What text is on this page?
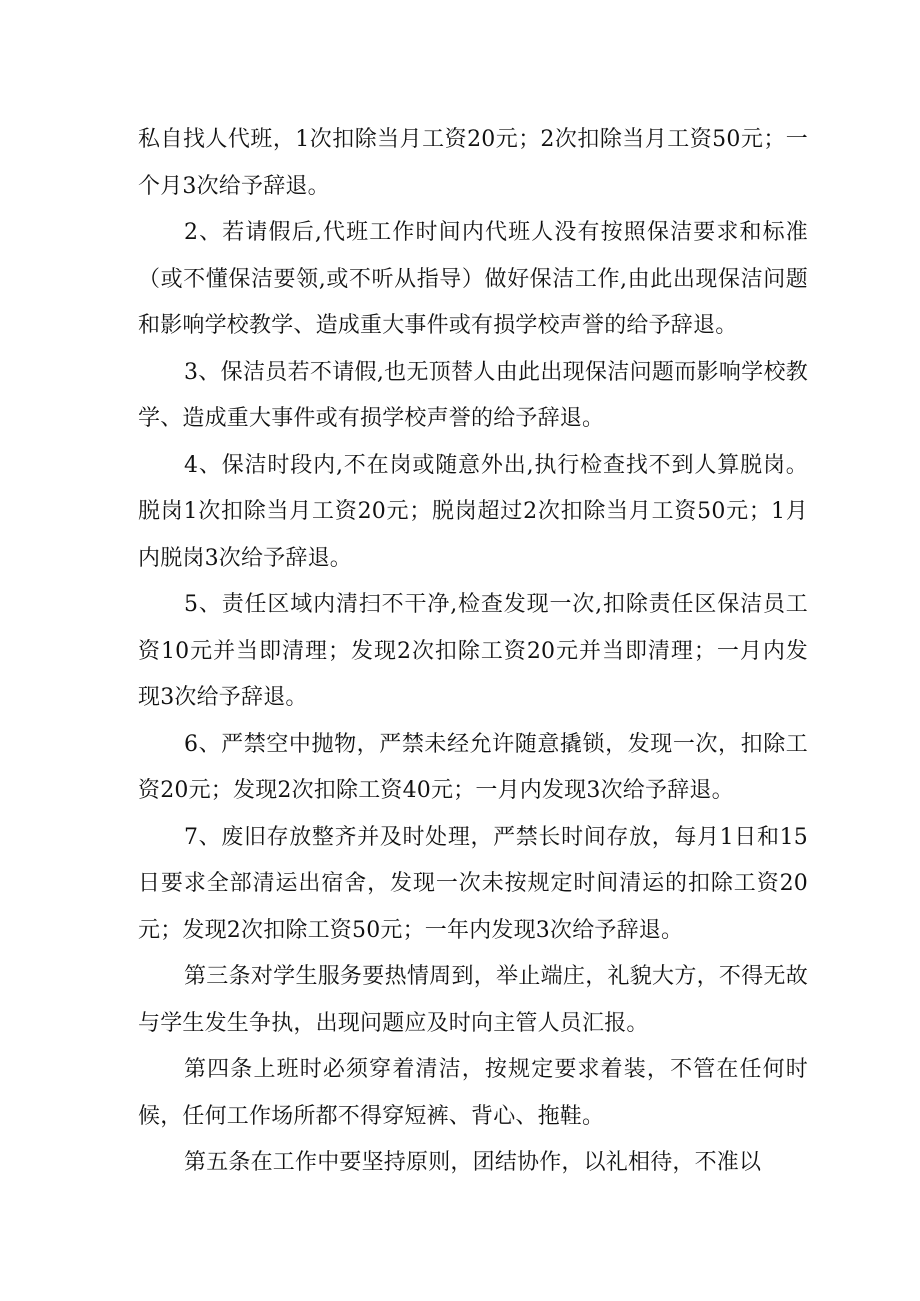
私自找人代班，1次扣除当月工资20元；2次扣除当月工资50元；一个月3次给予辞退。

2、若请假后,代班工作时间内代班人没有按照保洁要求和标准（或不懂保洁要领,或不听从指导）做好保洁工作,由此出现保洁问题和影响学校教学、造成重大事件或有损学校声誉的给予辞退。

3、保洁员若不请假,也无顶替人由此出现保洁问题而影响学校教学、造成重大事件或有损学校声誉的给予辞退。

4、保洁时段内,不在岗或随意外出,执行检查找不到人算脱岗。脱岗1次扣除当月工资20元；脱岗超过2次扣除当月工资50元；1月内脱岗3次给予辞退。

5、责任区域内清扫不干净,检查发现一次,扣除责任区保洁员工资10元并当即清理；发现2次扣除工资20元并当即清理；一月内发现3次给予辞退。

6、严禁空中抛物，严禁未经允许随意撬锁，发现一次，扣除工资20元；发现2次扣除工资40元；一月内发现3次给予辞退。

7、废旧存放整齐并及时处理，严禁长时间存放，每月1日和15日要求全部清运出宿舍，发现一次未按规定时间清运的扣除工资20元；发现2次扣除工资50元；一年内发现3次给予辞退。

第三条对学生服务要热情周到，举止端庄，礼貌大方，不得无故与学生发生争执，出现问题应及时向主管人员汇报。

第四条上班时必须穿着清洁，按规定要求着装，不管在任何时候，任何工作场所都不得穿短裤、背心、拖鞋。

第五条在工作中要坚持原则，团结协作，以礼相待，不准以
